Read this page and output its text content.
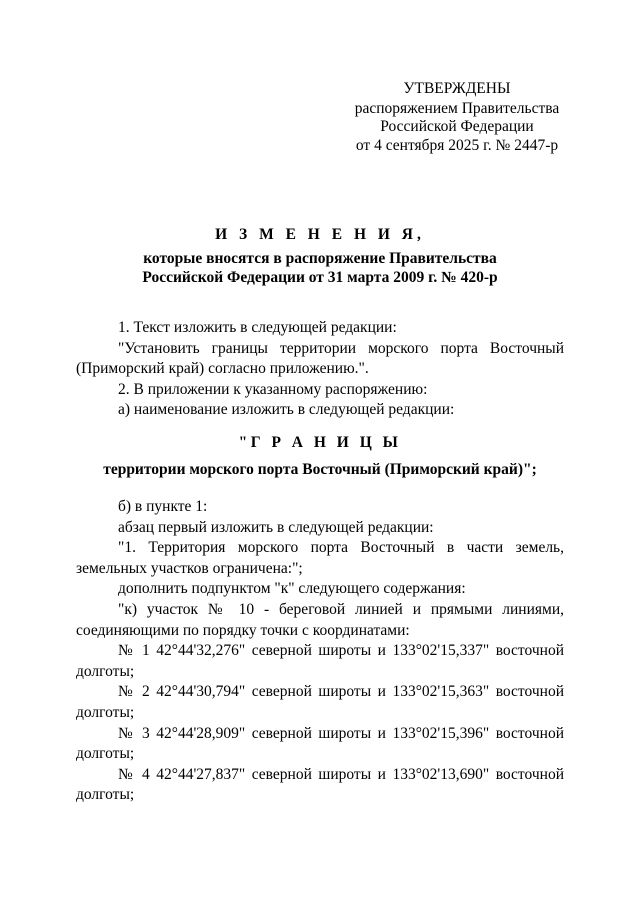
УТВЕРЖДЕНЫ
распоряжением Правительства
Российской Федерации
от 4 сентября 2025 г. № 2447-р
И З М Е Н Е Н И Я,
которые вносятся в распоряжение Правительства
Российской Федерации от 31 марта 2009 г. № 420-р
1. Текст изложить в следующей редакции:
"Установить границы территории морского порта Восточный
(Приморский край) согласно приложению.".
2. В приложении к указанному распоряжению:
а) наименование изложить в следующей редакции:
"Г Р А Н И Ц Ы
территории морского порта Восточный (Приморский край)";
б) в пункте 1:
абзац первый изложить в следующей редакции:
"1. Территория морского порта Восточный в части земель,
земельных участков ограничена:";
дополнить подпунктом "к" следующего содержания:
"к) участок № 10 - береговой линией и прямыми линиями,
соединяющими по порядку точки с координатами:
№ 1 42°44'32,276" северной широты и 133°02'15,337" восточной
долготы;
№ 2 42°44'30,794" северной широты и 133°02'15,363" восточной
долготы;
№ 3 42°44'28,909" северной широты и 133°02'15,396" восточной
долготы;
№ 4 42°44'27,837" северной широты и 133°02'13,690" восточной
долготы;
